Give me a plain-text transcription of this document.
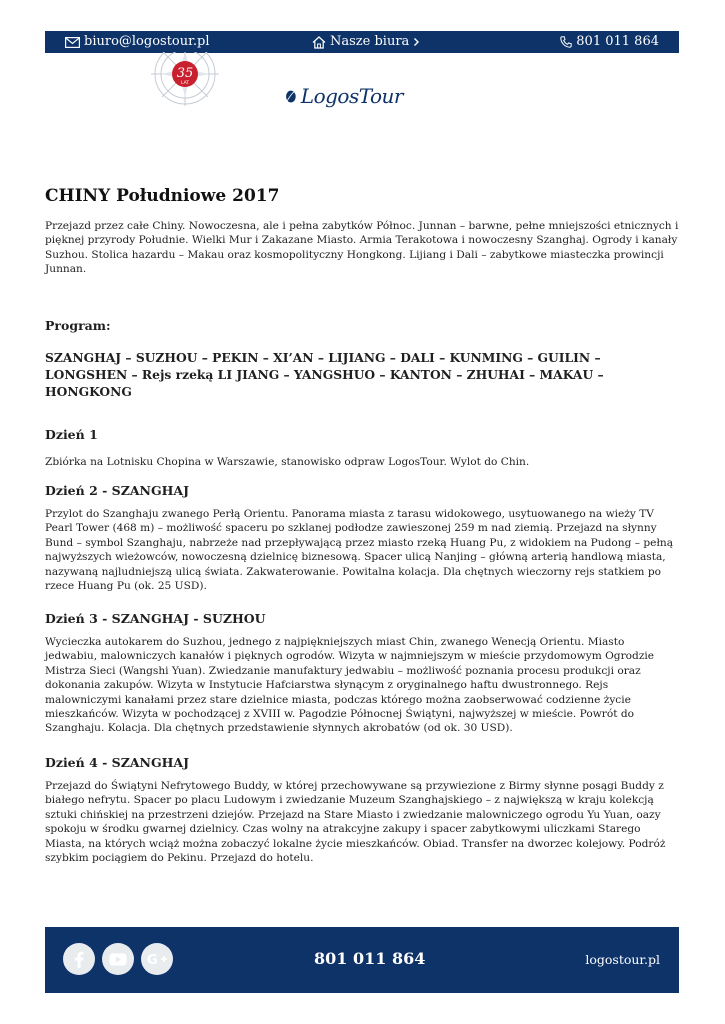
biuro@logostour.pl	Nasze biura	801 011 864
35
LAT
LogosTour
CHINY Południowe 2017

Przejazd przez całe Chiny. Nowoczesna, ale i pełna zabytków Północ. Junnan – barwne, pełne mniejszości etnicznych i pięknej przyrody Południe. Wielki Mur i Zakazane Miasto. Armia Terakotowa i nowoczesny Szanghaj. Ogrody i kanały Suzhou. Stolica hazardu – Makau oraz kosmopolityczny Hongkong. Lijiang i Dali – zabytkowe miasteczka prowincji Junnan.

Program:

SZANGHAJ – SUZHOU – PEKIN – XI’AN – LIJIANG – DALI – KUNMING – GUILIN – LONGSHEN – Rejs rzeką LI JIANG – YANGSHUO – KANTON – ZHUHAI – MAKAU – HONGKONG

Dzień 1

Zbiórka na Lotnisku Chopina w Warszawie, stanowisko odpraw LogosTour. Wylot do Chin.

Dzień 2 - SZANGHAJ

Przylot do Szanghaju zwanego Perłą Orientu. Panorama miasta z tarasu widokowego, usytuowanego na wieży TV Pearl Tower (468 m) – możliwość spaceru po szklanej podłodze zawieszonej 259 m nad ziemią. Przejazd na słynny Bund – symbol Szanghaju, nabrzeże nad przepływającą przez miasto rzeką Huang Pu, z widokiem na Pudong – pełną najwyższych wieżowców, nowoczesną dzielnicę biznesową. Spacer ulicą Nanjing – główną arterią handlową miasta, nazywaną najludniejszą ulicą świata. Zakwaterowanie. Powitalna kolacja. Dla chętnych wieczorny rejs statkiem po rzece Huang Pu (ok. 25 USD).

Dzień 3 - SZANGHAJ - SUZHOU

Wycieczka autokarem do Suzhou, jednego z najpiękniejszych miast Chin, zwanego Wenecją Orientu. Miasto jedwabiu, malowniczych kanałów i pięknych ogrodów. Wizyta w najmniejszym w mieście przydomowym Ogrodzie Mistrza Sieci (Wangshi Yuan). Zwiedzanie manufaktury jedwabiu – możliwość poznania procesu produkcji oraz dokonania zakupów. Wizyta w Instytucie Hafciarstwa słynącym z oryginalnego haftu dwustronnego. Rejs malowniczymi kanałami przez stare dzielnice miasta, podczas którego można zaobserwować codzienne życie mieszkańców. Wizyta w pochodzącej z XVIII w. Pagodzie Północnej Świątyni, najwyższej w mieście. Powrót do Szanghaju. Kolacja. Dla chętnych przedstawienie słynnych akrobatów (od ok. 30 USD).

Dzień 4 - SZANGHAJ

Przejazd do Świątyni Nefrytowego Buddy, w której przechowywane są przywiezione z Birmy słynne posągi Buddy z białego nefrytu. Spacer po placu Ludowym i zwiedzanie Muzeum Szanghajskiego – z największą w kraju kolekcją sztuki chińskiej na przestrzeni dziejów. Przejazd na Stare Miasto i zwiedzanie malowniczego ogrodu Yu Yuan, oazy spokoju w środku gwarnej dzielnicy. Czas wolny na atrakcyjne zakupy i spacer zabytkowymi uliczkami Starego Miasta, na których wciąż można zobaczyć lokalne życie mieszkańców. Obiad. Transfer na dworzec kolejowy. Podróż szybkim pociągiem do Pekinu. Przejazd do hotelu.

G	801 011 864	logostour.pl
